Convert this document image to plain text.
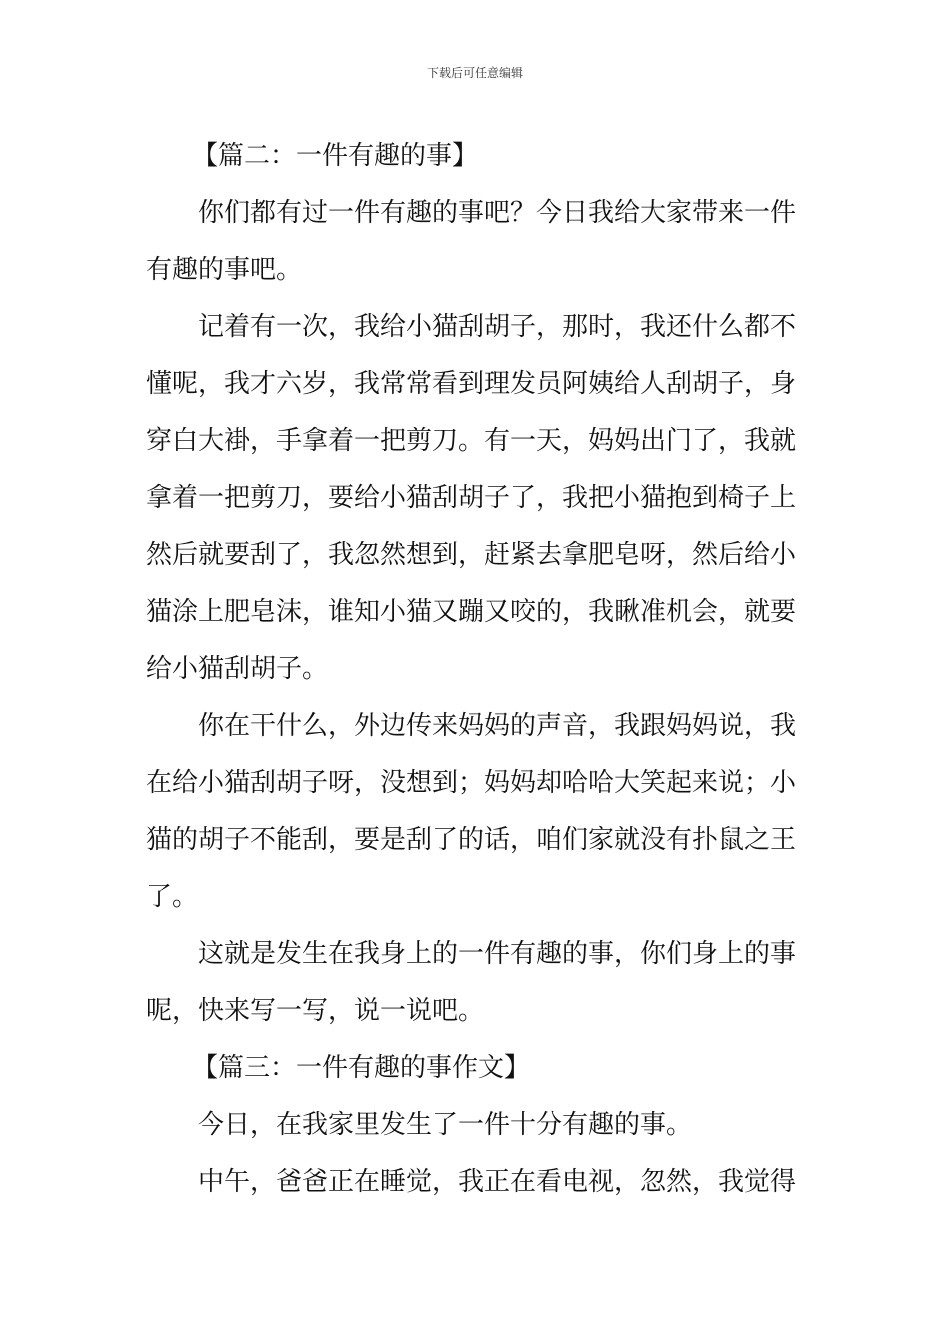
下载后可任意编辑
【篇二：一件有趣的事】
你们都有过一件有趣的事吧？今日我给大家带来一件
有趣的事吧。
记着有一次，我给小猫刮胡子，那时，我还什么都不
懂呢，我才六岁，我常常看到理发员阿姨给人刮胡子，身
穿白大褂，手拿着一把剪刀。有一天，妈妈出门了，我就
拿着一把剪刀，要给小猫刮胡子了，我把小猫抱到椅子上
然后就要刮了，我忽然想到，赶紧去拿肥皂呀，然后给小
猫涂上肥皂沫，谁知小猫又蹦又咬的，我瞅准机会，就要
给小猫刮胡子。
你在干什么，外边传来妈妈的声音，我跟妈妈说，我
在给小猫刮胡子呀，没想到；妈妈却哈哈大笑起来说；小
猫的胡子不能刮，要是刮了的话，咱们家就没有扑鼠之王
了。
这就是发生在我身上的一件有趣的事，你们身上的事
呢，快来写一写，说一说吧。
【篇三：一件有趣的事作文】
今日，在我家里发生了一件十分有趣的事。
中午，爸爸正在睡觉，我正在看电视，忽然，我觉得
